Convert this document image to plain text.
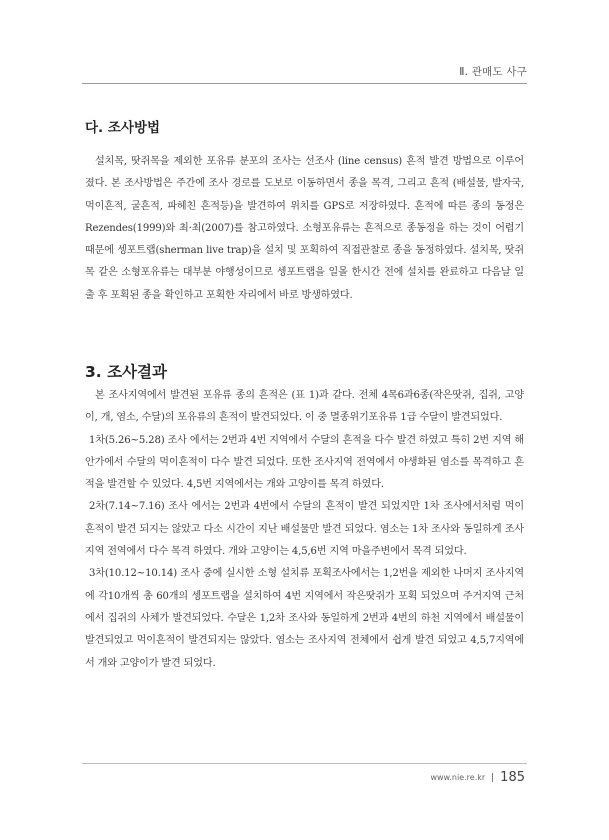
Ⅱ. 관매도 사구
다. 조사방법

설치목, 땃쥐목을 제외한 포유류 분포의 조사는 선조사 (line census) 흔적 발견 방법으로 이루어 졌다. 본 조사방법은 주간에 조사 경로를 도보로 이동하면서 종을 목격, 그리고 흔적 (배설물, 발자국, 먹이흔적, 굴흔적, 파헤친 흔적등)을 발견하여 위치를 GPS로 저장하였다. 흔적에 따른 종의 동정은 Rezendes(1999)와 최·최(2007)를 참고하였다. 소형포유류는 흔적으로 종동정을 하는 것이 어렵기 때문에 셍포트랩(sherman live trap)을 설치 및 포획하여 직접관찰로 종을 동정하였다. 설치목, 땃쥐목 같은 소형포유류는 대부분 야행성이므로 셍포트랩을 일몰 한시간 전에 설치를 완료하고 다음날 일출 후 포획된 종을 확인하고 포획한 자리에서 바로 방생하였다.

3. 조사결과

본 조사지역에서 발견된 포유류 종의 흔적은 (표 1)과 같다. 전체 4목6과6종(작은땃쥐, 집쥐, 고양이, 개, 염소, 수달)의 포유류의 흔적이 발견되었다. 이 중 멸종위기포유류 1급 수달이 발견되었다.

1차(5.26~5.28) 조사 에서는 2번과 4번 지역에서 수달의 흔적을 다수 발견 하였고 특히 2번 지역 해안가에서 수달의 먹이흔적이 다수 발견 되었다. 또한 조사지역 전역에서 야생화된 염소를 목격하고 흔적을 발견할 수 있었다. 4,5번 지역에서는 개와 고양이를 목격 하였다.

2차(7.14~7.16) 조사 에서는 2번과 4번에서 수달의 흔적이 발견 되었지만 1차 조사에서처럼 먹이흔적이 발견 되지는 않았고 다소 시간이 지난 배설물만 발견 되었다. 염소는 1차 조사와 동일하게 조사지역 전역에서 다수 목격 하였다. 개와 고양이는 4,5,6번 지역 마을주변에서 목격 되었다.

3차(10.12~10.14) 조사 중에 실시한 소형 설치류 포획조사에서는 1,2번을 제외한 나머지 조사지역에 각10개씩 총 60개의 셍포트랩을 설치하여 4번 지역에서 작은땃쥐가 포획 되었으며 주거지역 근처에서 집쥐의 사체가 발견되었다. 수달은 1,2차 조사와 동일하게 2번과 4번의 하천 지역에서 배설물이 발견되었고 먹이흔적이 발견되지는 않았다. 염소는 조사지역 전체에서 쉽게 발견 되었고 4,5,7지역에서 개와 고양이가 발견 되었다.

www.nie.re.kr 185
